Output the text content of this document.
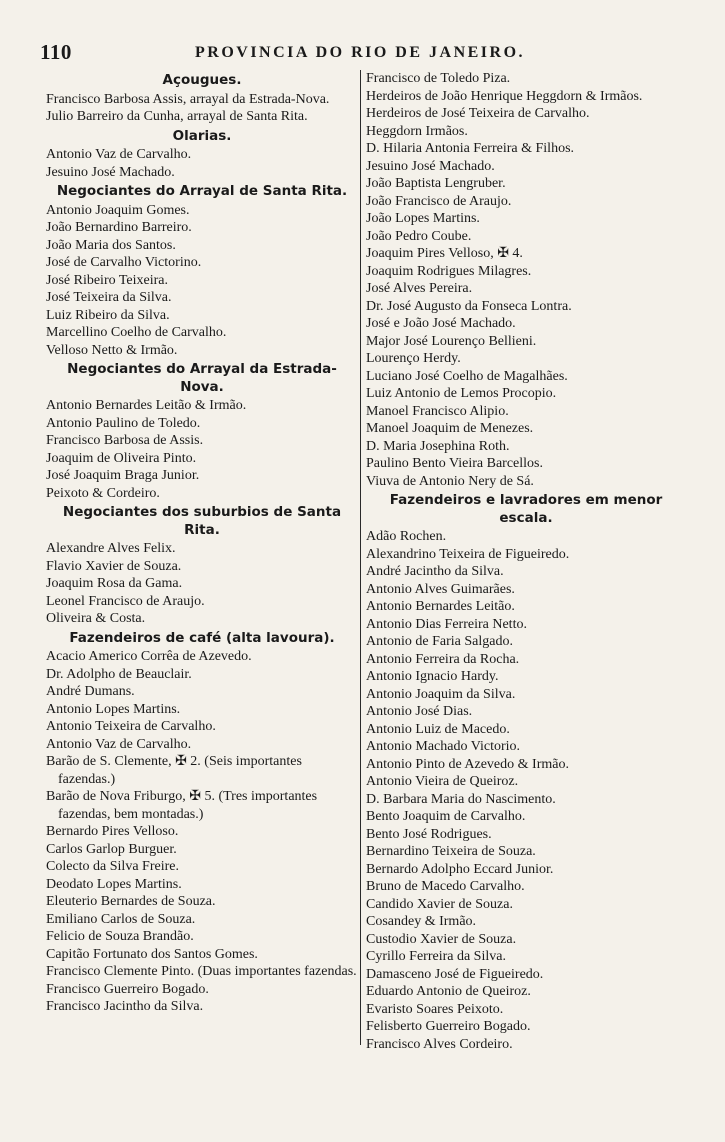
110	PROVINCIA DO RIO DE JANEIRO.
Açougues.
Francisco Barbosa Assis, arrayal da Estrada-Nova.
Julio Barreiro da Cunha, arrayal de Santa Rita.
Olarias.
Antonio Vaz de Carvalho.
Jesuino José Machado.
Negociantes do Arrayal de Santa Rita.
Antonio Joaquim Gomes.
João Bernardino Barreiro.
João Maria dos Santos.
José de Carvalho Victorino.
José Ribeiro Teixeira.
José Teixeira da Silva.
Luiz Ribeiro da Silva.
Marcellino Coelho de Carvalho.
Velloso Netto & Irmão.
Negociantes do Arrayal da Estrada-Nova.
Antonio Bernardes Leitão & Irmão.
Antonio Paulino de Toledo.
Francisco Barbosa de Assis.
Joaquim de Oliveira Pinto.
José Joaquim Braga Junior.
Peixoto & Cordeiro.
Negociantes dos suburbios de Santa Rita.
Alexandre Alves Felix.
Flavio Xavier de Souza.
Joaquim Rosa da Gama.
Leonel Francisco de Araujo.
Oliveira & Costa.
Fazendeiros de café (alta lavoura).
Acacio Americo Corrêa de Azevedo.
Dr. Adolpho de Beauclair.
André Dumans.
Antonio Lopes Martins.
Antonio Teixeira de Carvalho.
Antonio Vaz de Carvalho.
Barão de S. Clemente, ✠ 2. (Seis importantes fazendas.)
Barão de Nova Friburgo, ✠ 5. (Tres importantes fazendas, bem montadas.)
Bernardo Pires Velloso.
Carlos Garlop Burguer.
Colecto da Silva Freire.
Deodato Lopes Martins.
Eleuterio Bernardes de Souza.
Emiliano Carlos de Souza.
Felicio de Souza Brandão.
Capitão Fortunato dos Santos Gomes.
Francisco Clemente Pinto. (Duas importantes fazendas.
Francisco Guerreiro Bogado.
Francisco Jacintho da Silva.
Francisco de Toledo Piza.
Herdeiros de João Henrique Heggdorn & Irmãos.
Herdeiros de José Teixeira de Carvalho.
Heggdorn Irmãos.
D. Hilaria Antonia Ferreira & Filhos.
Jesuino José Machado.
João Baptista Lengruber.
João Francisco de Araujo.
João Lopes Martins.
João Pedro Coube.
Joaquim Pires Velloso, ✠ 4.
Joaquim Rodrigues Milagres.
José Alves Pereira.
Dr. José Augusto da Fonseca Lontra.
José e João José Machado.
Major José Lourenço Bellieni.
Lourenço Herdy.
Luciano José Coelho de Magalhães.
Luiz Antonio de Lemos Procopio.
Manoel Francisco Alipio.
Manoel Joaquim de Menezes.
D. Maria Josephina Roth.
Paulino Bento Vieira Barcellos.
Viuva de Antonio Nery de Sá.
Fazendeiros e lavradores em menor escala.
Adão Rochen.
Alexandrino Teixeira de Figueiredo.
André Jacintho da Silva.
Antonio Alves Guimarães.
Antonio Bernardes Leitão.
Antonio Dias Ferreira Netto.
Antonio de Faria Salgado.
Antonio Ferreira da Rocha.
Antonio Ignacio Hardy.
Antonio Joaquim da Silva.
Antonio José Dias.
Antonio Luiz de Macedo.
Antonio Machado Victorio.
Antonio Pinto de Azevedo & Irmão.
Antonio Vieira de Queiroz.
D. Barbara Maria do Nascimento.
Bento Joaquim de Carvalho.
Bento José Rodrigues.
Bernardino Teixeira de Souza.
Bernardo Adolpho Eccard Junior.
Bruno de Macedo Carvalho.
Candido Xavier de Souza.
Cosandey & Irmão.
Custodio Xavier de Souza.
Cyrillo Ferreira da Silva.
Damasceno José de Figueiredo.
Eduardo Antonio de Queiroz.
Evaristo Soares Peixoto.
Felisberto Guerreiro Bogado.
Francisco Alves Cordeiro.
